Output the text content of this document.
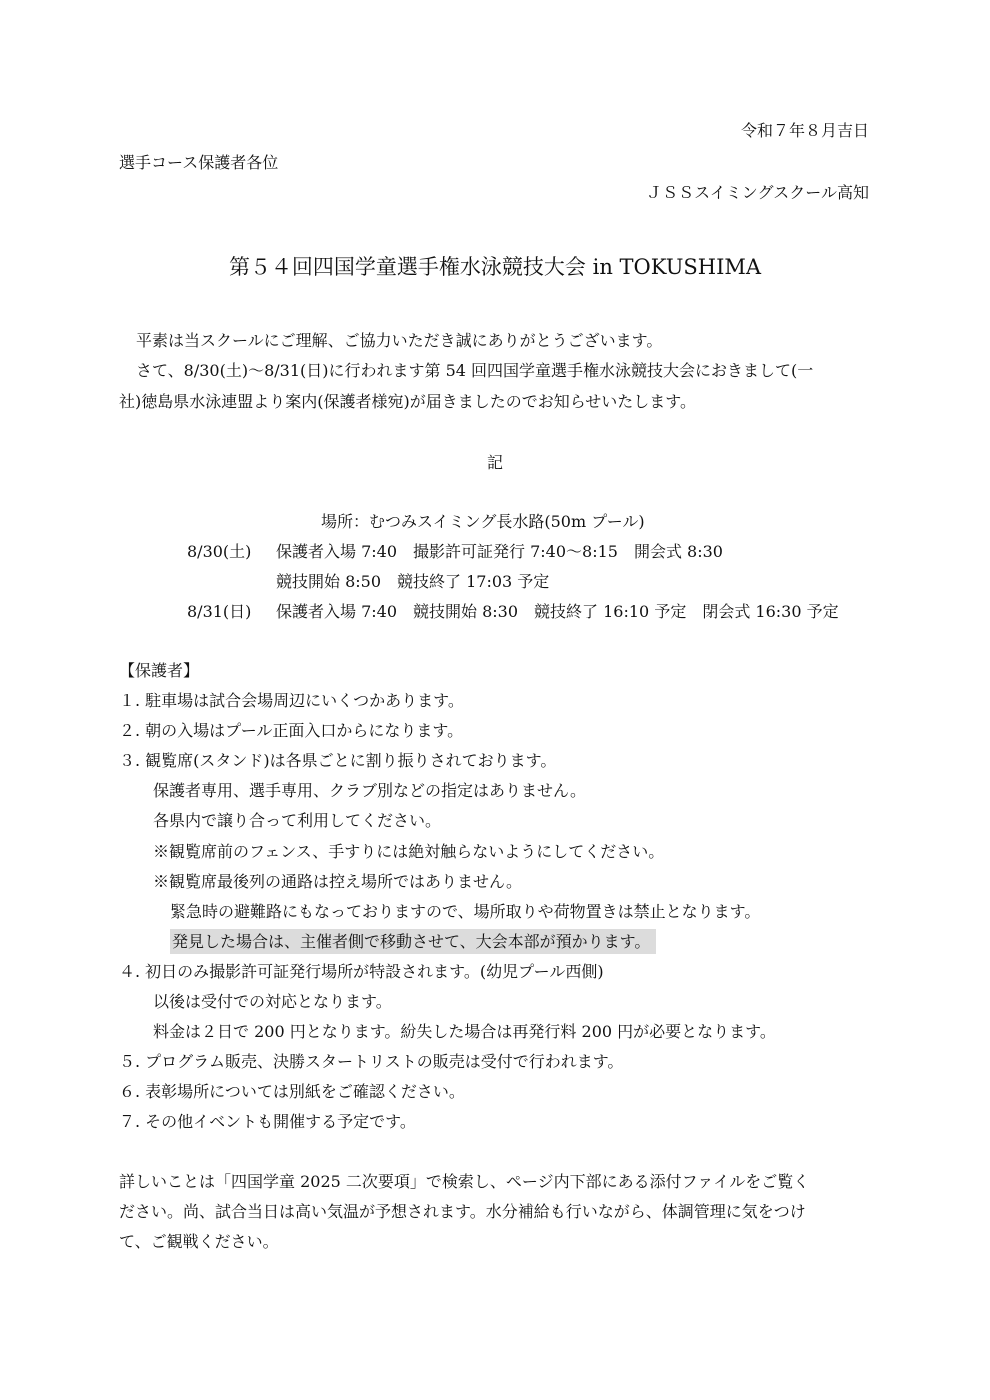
令和７年８月吉日
選手コース保護者各位
ＪＳＳスイミングスクール高知
第５４回四国学童選手権水泳競技大会 in TOKUSHIMA
平素は当スクールにご理解、ご協力いただき誠にありがとうございます。
さて、8/30(土)〜8/31(日)に行われます第 54 回四国学童選手権水泳競技大会におきまして(一
社)徳島県水泳連盟より案内(保護者様宛)が届きましたのでお知らせいたします。
記
場所：むつみスイミング長水路(50m プール)
8/30(土) 保護者入場 7:40　撮影許可証発行 7:40〜8:15　開会式 8:30
競技開始 8:50　競技終了 17:03 予定
8/31(日) 保護者入場 7:40　競技開始 8:30　競技終了 16:10 予定　閉会式 16:30 予定
【保護者】
１. 駐車場は試合会場周辺にいくつかあります。
２. 朝の入場はプール正面入口からになります。
３. 観覧席(スタンド)は各県ごとに割り振りされております。
保護者専用、選手専用、クラブ別などの指定はありません。
各県内で譲り合って利用してください。
※観覧席前のフェンス、手すりには絶対触らないようにしてください。
※観覧席最後列の通路は控え場所ではありません。
緊急時の避難路にもなっておりますので、場所取りや荷物置きは禁止となります。
発見した場合は、主催者側で移動させて、大会本部が預かります。
４. 初日のみ撮影許可証発行場所が特設されます。(幼児プール西側)
以後は受付での対応となります。
料金は２日で 200 円となります。紛失した場合は再発行料 200 円が必要となります。
５. プログラム販売、決勝スタートリストの販売は受付で行われます。
６. 表彰場所については別紙をご確認ください。
７. その他イベントも開催する予定です。
詳しいことは「四国学童 2025 二次要項」で検索し、ページ内下部にある添付ファイルをご覧く
ださい。尚、試合当日は高い気温が予想されます。水分補給も行いながら、体調管理に気をつけ
て、ご観戦ください。
